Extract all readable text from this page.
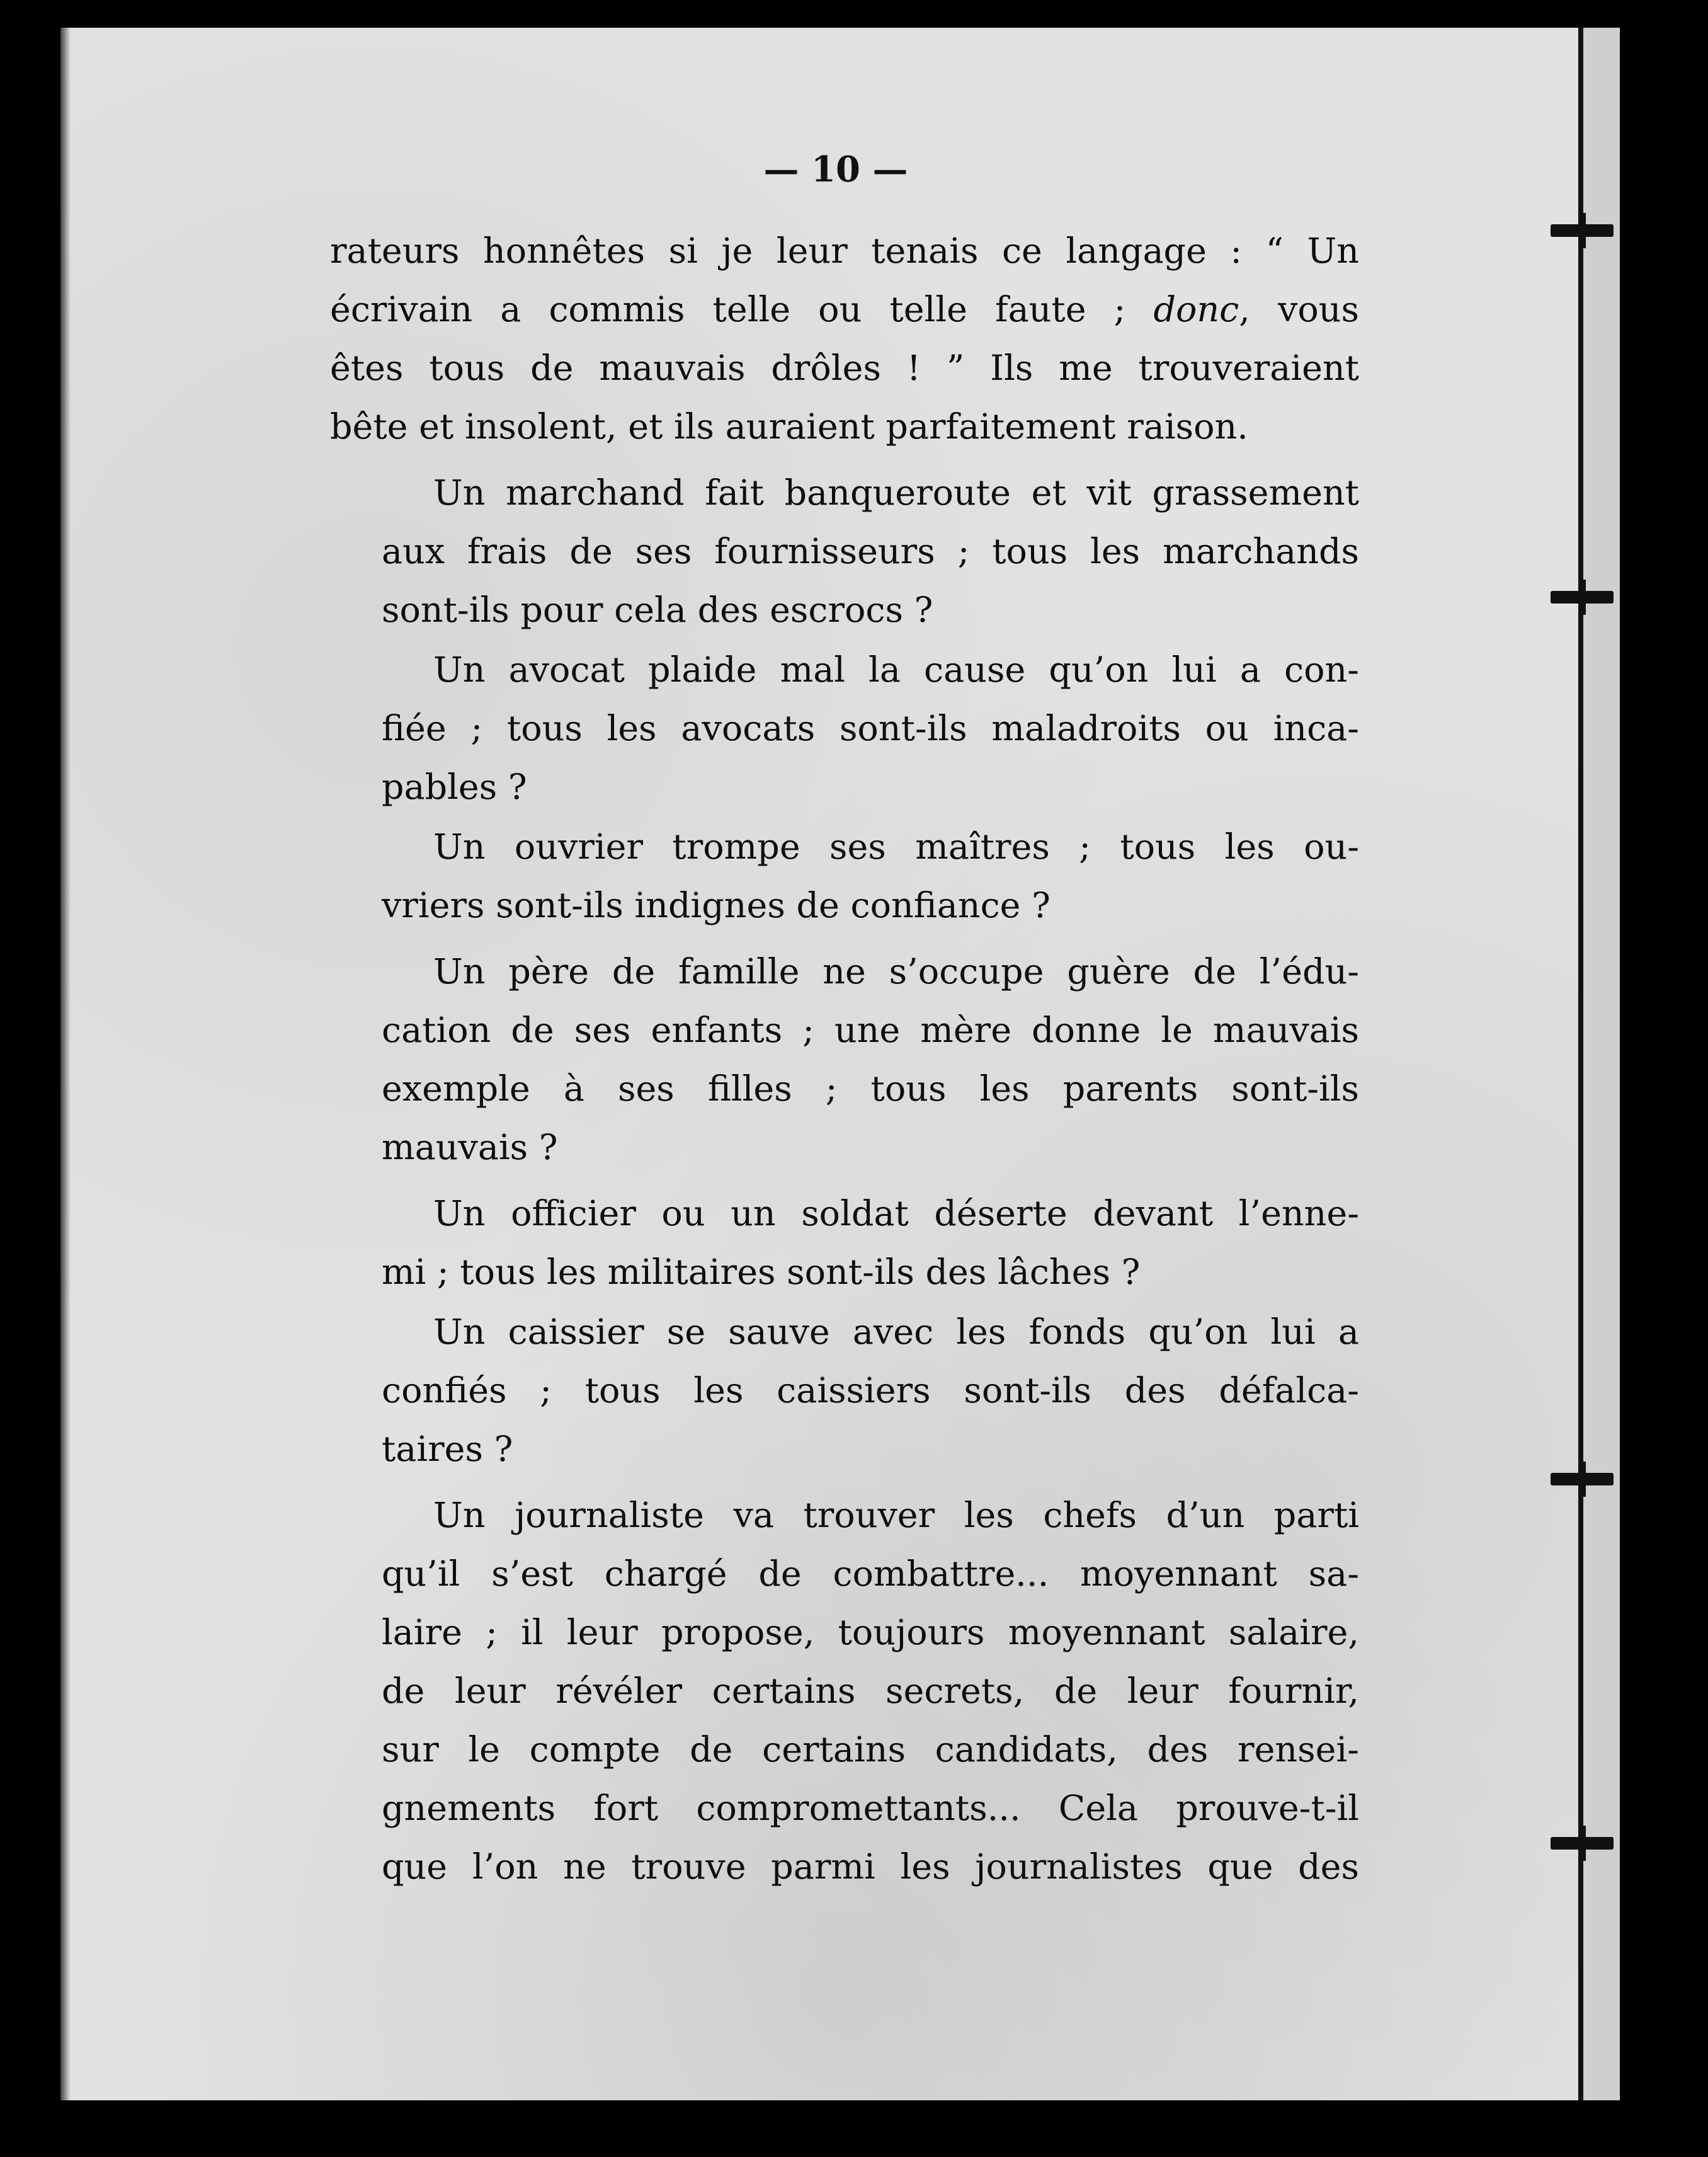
— 10 —
rateurs honnêtes si je leur tenais ce langage : “ Un
écrivain a commis telle ou telle faute ; donc, vous
êtes tous de mauvais drôles ! ” Ils me trouveraient
bête et insolent, et ils auraient parfaitement raison.
Un marchand fait banqueroute et vit grassement
aux frais de ses fournisseurs ; tous les marchands
sont-ils pour cela des escrocs ?
Un avocat plaide mal la cause qu’on lui a con-
fiée ; tous les avocats sont-ils maladroits ou inca-
pables ?
Un ouvrier trompe ses maîtres ; tous les ou-
vriers sont-ils indignes de confiance ?
Un père de famille ne s’occupe guère de l’édu-
cation de ses enfants ; une mère donne le mauvais
exemple à ses filles ; tous les parents sont-ils
mauvais ?
Un officier ou un soldat déserte devant l’enne-
mi ; tous les militaires sont-ils des lâches ?
Un caissier se sauve avec les fonds qu’on lui a
confiés ; tous les caissiers sont-ils des défalca-
taires ?
Un journaliste va trouver les chefs d’un parti
qu’il s’est chargé de combattre... moyennant sa-
laire ; il leur propose, toujours moyennant salaire,
de leur révéler certains secrets, de leur fournir,
sur le compte de certains candidats, des rensei-
gnements fort compromettants... Cela prouve-t-il
que l’on ne trouve parmi les journalistes que des
